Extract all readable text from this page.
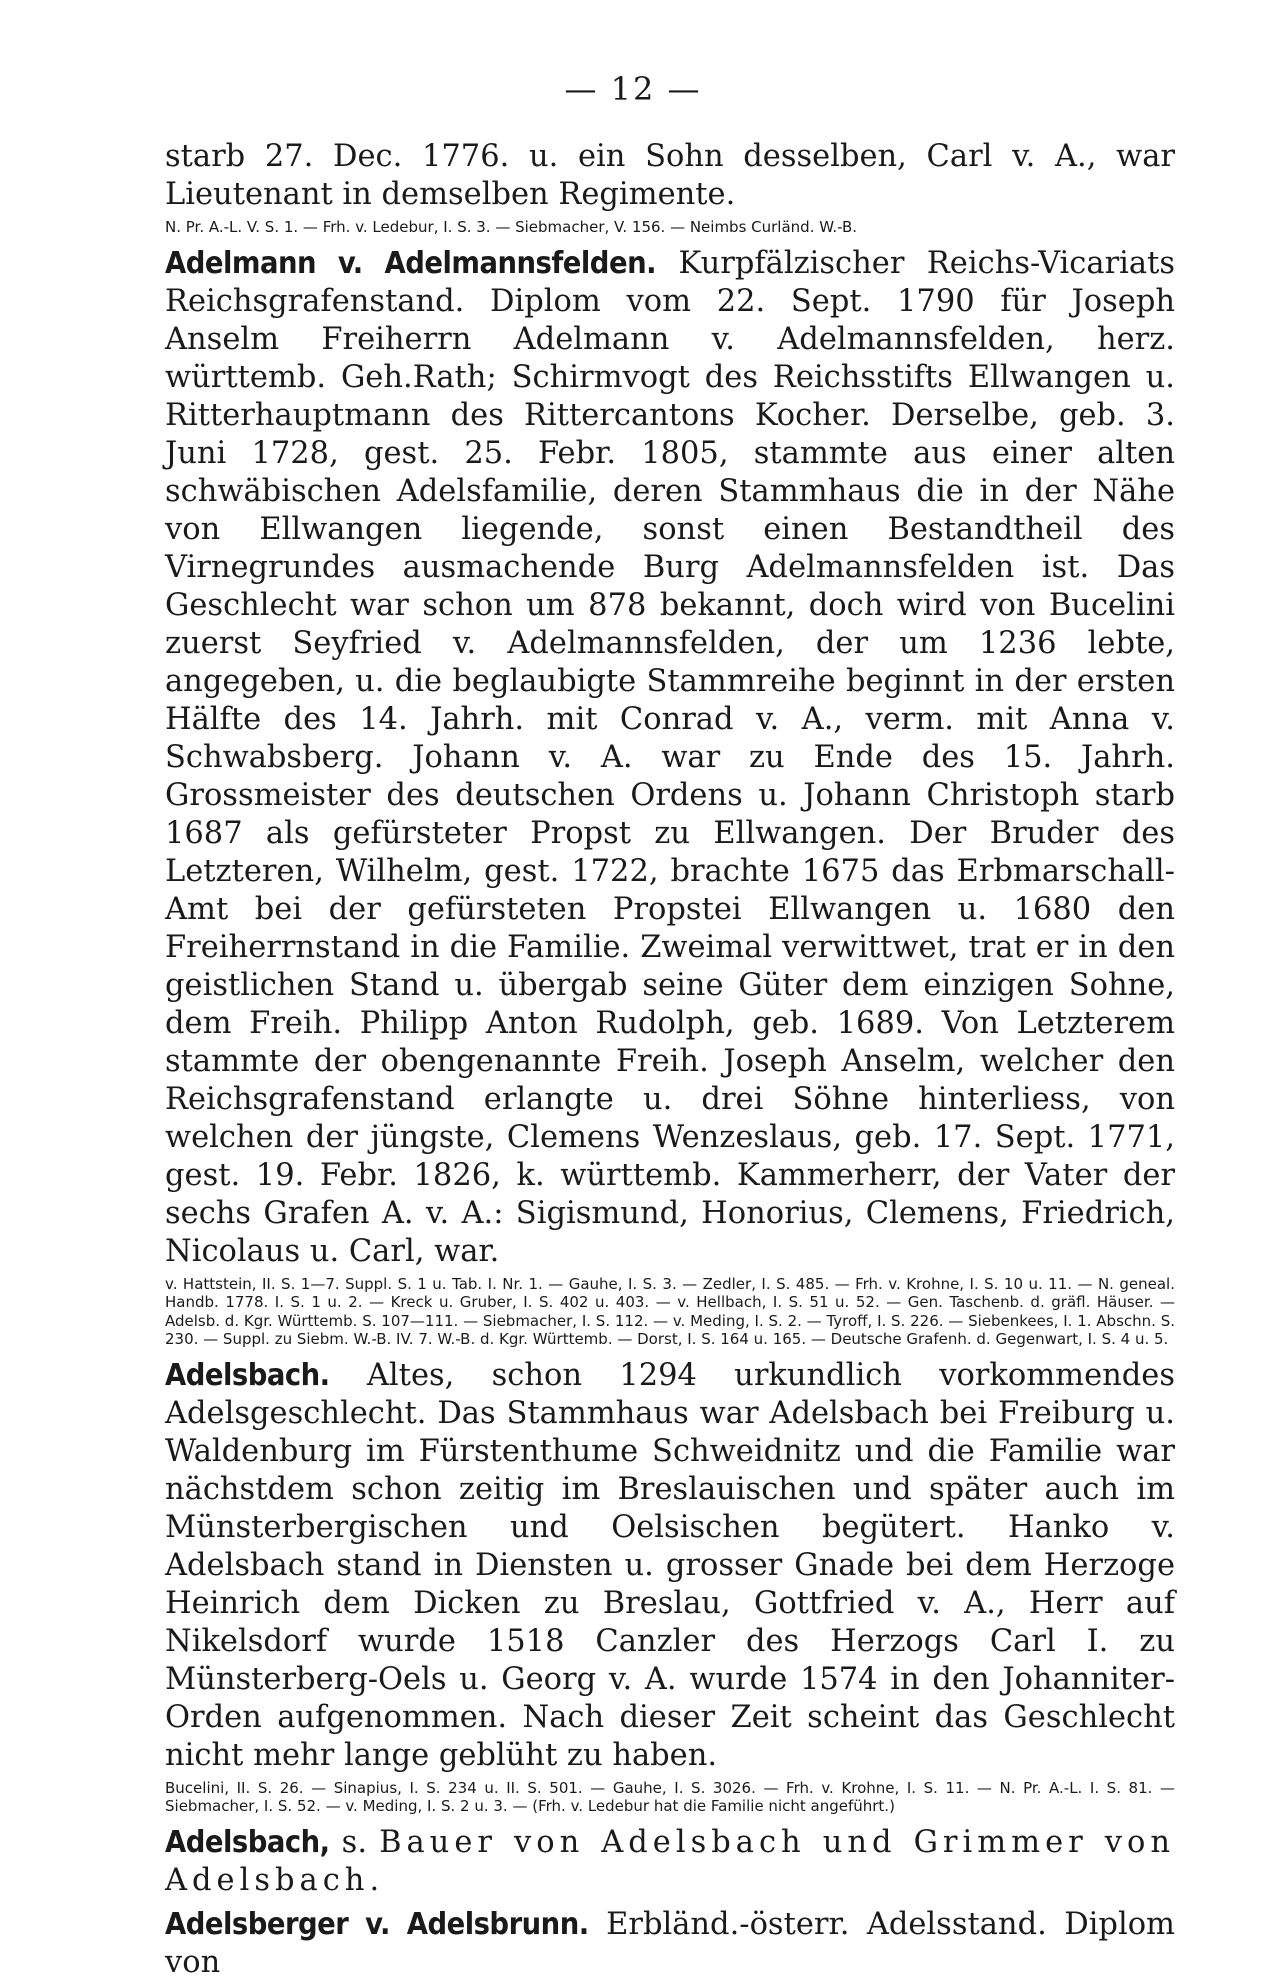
— 12 —

starb 27. Dec. 1776. u. ein Sohn desselben, Carl v. A., war Lieutenant in demselben Regimente.

N. Pr. A.-L. V. S. 1. — Frh. v. Ledebur, I. S. 3. — Siebmacher, V. 156. — Neimbs Curländ. W.-B.

Adelmann v. Adelmannsfelden. Kurpfälzischer Reichs-Vicariats Reichsgrafenstand. Diplom vom 22. Sept. 1790 für Joseph Anselm Freiherrn Adelmann v. Adelmannsfelden, herz. württemb. Geh.Rath; Schirmvogt des Reichsstifts Ellwangen u. Ritterhauptmann des Rittercantons Kocher. Derselbe, geb. 3. Juni 1728, gest. 25. Febr. 1805, stammte aus einer alten schwäbischen Adelsfamilie, deren Stammhaus die in der Nähe von Ellwangen liegende, sonst einen Bestandtheil des Virnegrundes ausmachende Burg Adelmannsfelden ist. Das Geschlecht war schon um 878 bekannt, doch wird von Bucelini zuerst Seyfried v. Adelmannsfelden, der um 1236 lebte, angegeben, u. die beglaubigte Stammreihe beginnt in der ersten Hälfte des 14. Jahrh. mit Conrad v. A., verm. mit Anna v. Schwabsberg. Johann v. A. war zu Ende des 15. Jahrh. Grossmeister des deutschen Ordens u. Johann Christoph starb 1687 als gefürsteter Propst zu Ellwangen. Der Bruder des Letzteren, Wilhelm, gest. 1722, brachte 1675 das Erbmarschall-Amt bei der gefürsteten Propstei Ellwangen u. 1680 den Freiherrnstand in die Familie. Zweimal verwittwet, trat er in den geistlichen Stand u. übergab seine Güter dem einzigen Sohne, dem Freih. Philipp Anton Rudolph, geb. 1689. Von Letzterem stammte der obengenannte Freih. Joseph Anselm, welcher den Reichsgrafenstand erlangte u. drei Söhne hinterliess, von welchen der jüngste, Clemens Wenzeslaus, geb. 17. Sept. 1771, gest. 19. Febr. 1826, k. württemb. Kammerherr, der Vater der sechs Grafen A. v. A.: Sigismund, Honorius, Clemens, Friedrich, Nicolaus u. Carl, war.

v. Hattstein, II. S. 1—7. Suppl. S. 1 u. Tab. I. Nr. 1. — Gauhe, I. S. 3. — Zedler, I. S. 485. — Frh. v. Krohne, I. S. 10 u. 11. — N. geneal. Handb. 1778. I. S. 1 u. 2. — Kreck u. Gruber, I. S. 402 u. 403. — v. Hellbach, I. S. 51 u. 52. — Gen. Taschenb. d. gräfl. Häuser. — Adelsb. d. Kgr. Württemb. S. 107—111. — Siebmacher, I. S. 112. — v. Meding, I. S. 2. — Tyroff, I. S. 226. — Siebenkees, I. 1. Abschn. S. 230. — Suppl. zu Siebm. W.-B. IV. 7. W.-B. d. Kgr. Württemb. — Dorst, I. S. 164 u. 165. — Deutsche Grafenh. d. Gegenwart, I. S. 4 u. 5.

Adelsbach. Altes, schon 1294 urkundlich vorkommendes Adelsgeschlecht. Das Stammhaus war Adelsbach bei Freiburg u. Waldenburg im Fürstenthume Schweidnitz und die Familie war nächstdem schon zeitig im Breslauischen und später auch im Münsterbergischen und Oelsischen begütert. Hanko v. Adelsbach stand in Diensten u. grosser Gnade bei dem Herzoge Heinrich dem Dicken zu Breslau, Gottfried v. A., Herr auf Nikelsdorf wurde 1518 Canzler des Herzogs Carl I. zu Münsterberg-Oels u. Georg v. A. wurde 1574 in den Johanniter-Orden aufgenommen. Nach dieser Zeit scheint das Geschlecht nicht mehr lange geblüht zu haben.

Bucelini, II. S. 26. — Sinapius, I. S. 234 u. II. S. 501. — Gauhe, I. S. 3026. — Frh. v. Krohne, I. S. 11. — N. Pr. A.-L. I. S. 81. — Siebmacher, I. S. 52. — v. Meding, I. S. 2 u. 3. — (Frh. v. Ledebur hat die Familie nicht angeführt.)

Adelsbach, s. Bauer von Adelsbach und Grimmer von Adelsbach.

Adelsberger v. Adelsbrunn. Erbländ.-österr. Adelsstand. Diplom von
